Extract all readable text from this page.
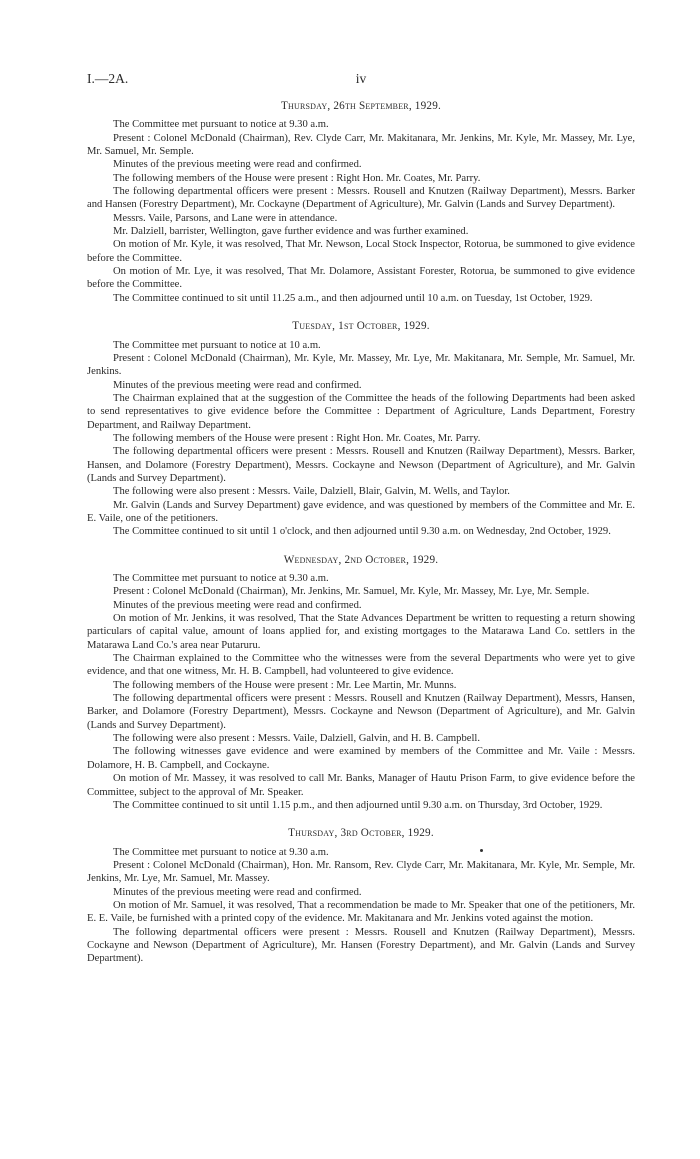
I.—2A.	iv
Thursday, 26th September, 1929.

The Committee met pursuant to notice at 9.30 a.m.

Present : Colonel McDonald (Chairman), Rev. Clyde Carr, Mr. Makitanara, Mr. Jenkins, Mr. Kyle, Mr. Massey, Mr. Lye, Mr. Samuel, Mr. Semple.

Minutes of the previous meeting were read and confirmed.

The following members of the House were present : Right Hon. Mr. Coates, Mr. Parry.

The following departmental officers were present : Messrs. Rousell and Knutzen (Railway Department), Messrs. Barker and Hansen (Forestry Department), Mr. Cockayne (Department of Agriculture), Mr. Galvin (Lands and Survey Department).

Messrs. Vaile, Parsons, and Lane were in attendance.

Mr. Dalziell, barrister, Wellington, gave further evidence and was further examined.

On motion of Mr. Kyle, it was resolved, That Mr. Newson, Local Stock Inspector, Rotorua, be summoned to give evidence before the Committee.

On motion of Mr. Lye, it was resolved, That Mr. Dolamore, Assistant Forester, Rotorua, be summoned to give evidence before the Committee.

The Committee continued to sit until 11.25 a.m., and then adjourned until 10 a.m. on Tuesday, 1st October, 1929.

Tuesday, 1st October, 1929.

The Committee met pursuant to notice at 10 a.m.

Present : Colonel McDonald (Chairman), Mr. Kyle, Mr. Massey, Mr. Lye, Mr. Makitanara, Mr. Semple, Mr. Samuel, Mr. Jenkins.

Minutes of the previous meeting were read and confirmed.

The Chairman explained that at the suggestion of the Committee the heads of the following Departments had been asked to send representatives to give evidence before the Committee : Department of Agriculture, Lands Department, Forestry Department, and Railway Department.

The following members of the House were present : Right Hon. Mr. Coates, Mr. Parry.

The following departmental officers were present : Messrs. Rousell and Knutzen (Railway Department), Messrs. Barker, Hansen, and Dolamore (Forestry Department), Messrs. Cockayne and Newson (Department of Agriculture), and Mr. Galvin (Lands and Survey Department).

The following were also present : Messrs. Vaile, Dalziell, Blair, Galvin, M. Wells, and Taylor.

Mr. Galvin (Lands and Survey Department) gave evidence, and was questioned by members of the Committee and Mr. E. E. Vaile, one of the petitioners.

The Committee continued to sit until 1 o'clock, and then adjourned until 9.30 a.m. on Wednesday, 2nd October, 1929.

Wednesday, 2nd October, 1929.

The Committee met pursuant to notice at 9.30 a.m.

Present : Colonel McDonald (Chairman), Mr. Jenkins, Mr. Samuel, Mr. Kyle, Mr. Massey, Mr. Lye, Mr. Semple.

Minutes of the previous meeting were read and confirmed.

On motion of Mr. Jenkins, it was resolved, That the State Advances Department be written to requesting a return showing particulars of capital value, amount of loans applied for, and existing mortgages to the Matarawa Land Co. settlers in the Matarawa Land Co.'s area near Putaruru.

The Chairman explained to the Committee who the witnesses were from the several Departments who were yet to give evidence, and that one witness, Mr. H. B. Campbell, had volunteered to give evidence.

The following members of the House were present : Mr. Lee Martin, Mr. Munns.

The following departmental officers were present : Messrs. Rousell and Knutzen (Railway Department), Messrs, Hansen, Barker, and Dolamore (Forestry Department), Messrs. Cockayne and Newson (Department of Agriculture), and Mr. Galvin (Lands and Survey Department).

The following were also present : Messrs. Vaile, Dalziell, Galvin, and H. B. Campbell.

The following witnesses gave evidence and were examined by members of the Committee and Mr. Vaile : Messrs. Dolamore, H. B. Campbell, and Cockayne.

On motion of Mr. Massey, it was resolved to call Mr. Banks, Manager of Hautu Prison Farm, to give evidence before the Committee, subject to the approval of Mr. Speaker.

The Committee continued to sit until 1.15 p.m., and then adjourned until 9.30 a.m. on Thursday, 3rd October, 1929.

Thursday, 3rd October, 1929.

The Committee met pursuant to notice at 9.30 a.m.

Present : Colonel McDonald (Chairman), Hon. Mr. Ransom, Rev. Clyde Carr, Mr. Makitanara, Mr. Kyle, Mr. Semple, Mr. Jenkins, Mr. Lye, Mr. Samuel, Mr. Massey.

Minutes of the previous meeting were read and confirmed.

On motion of Mr. Samuel, it was resolved, That a recommendation be made to Mr. Speaker that one of the petitioners, Mr. E. E. Vaile, be furnished with a printed copy of the evidence. Mr. Makitanara and Mr. Jenkins voted against the motion.

The following departmental officers were present : Messrs. Rousell and Knutzen (Railway Department), Messrs. Cockayne and Newson (Department of Agriculture), Mr. Hansen (Forestry Department), and Mr. Galvin (Lands and Survey Department).
